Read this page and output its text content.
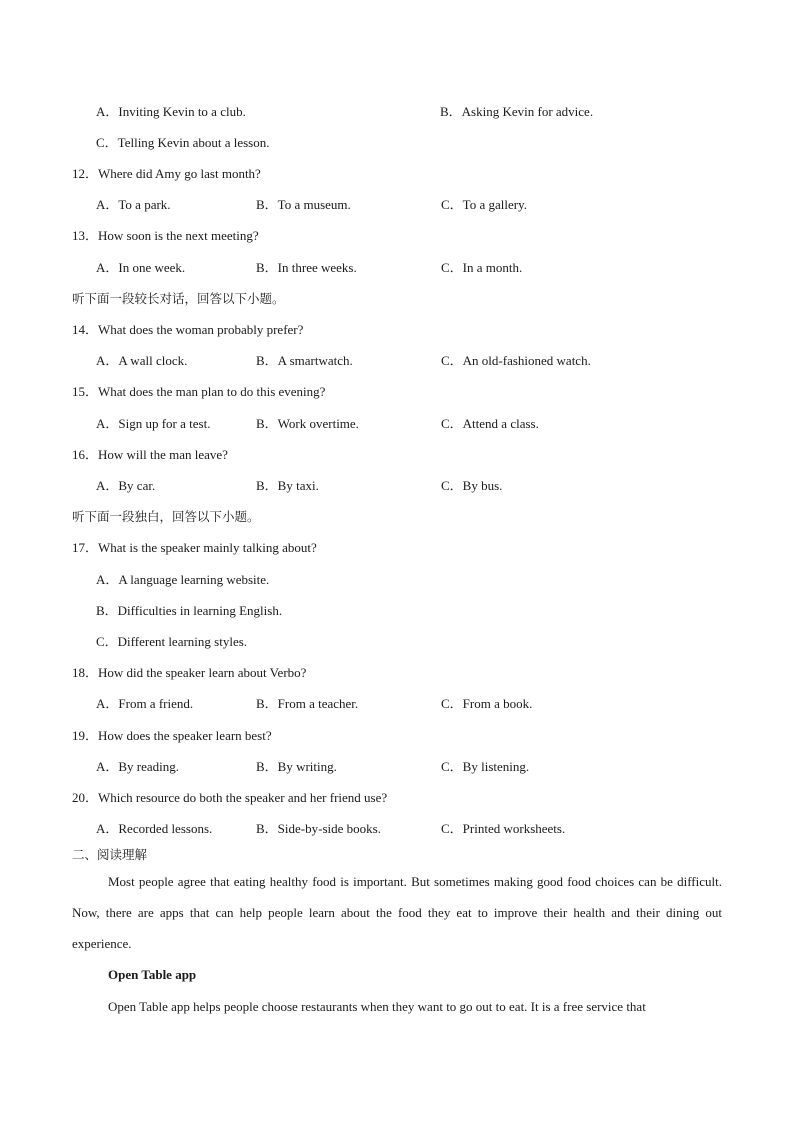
A．Inviting Kevin to a club.	B．Asking Kevin for advice.
C．Telling Kevin about a lesson.
12．Where did Amy go last month?
A．To a park.	B．To a museum.	C．To a gallery.
13．How soon is the next meeting?
A．In one week.	B．In three weeks.	C．In a month.
听下面一段较长对话，回答以下小题。
14．What does the woman probably prefer?
A．A wall clock.	B．A smartwatch.	C．An old-fashioned watch.
15．What does the man plan to do this evening?
A．Sign up for a test.	B．Work overtime.	C．Attend a class.
16．How will the man leave?
A．By car.	B．By taxi.	C．By bus.
听下面一段独白，回答以下小题。
17．What is the speaker mainly talking about?
A．A language learning website.
B．Difficulties in learning English.
C．Different learning styles.
18．How did the speaker learn about Verbo?
A．From a friend.	B．From a teacher.	C．From a book.
19．How does the speaker learn best?
A．By reading.	B．By writing.	C．By listening.
20．Which resource do both the speaker and her friend use?
A．Recorded lessons.	B．Side-by-side books.	C．Printed worksheets.
二、阅读理解
Most people agree that eating healthy food is important. But sometimes making good food choices can be difficult. Now, there are apps that can help people learn about the food they eat to improve their health and their dining out experience.
Open Table app
Open Table app helps people choose restaurants when they want to go out to eat. It is a free service that
